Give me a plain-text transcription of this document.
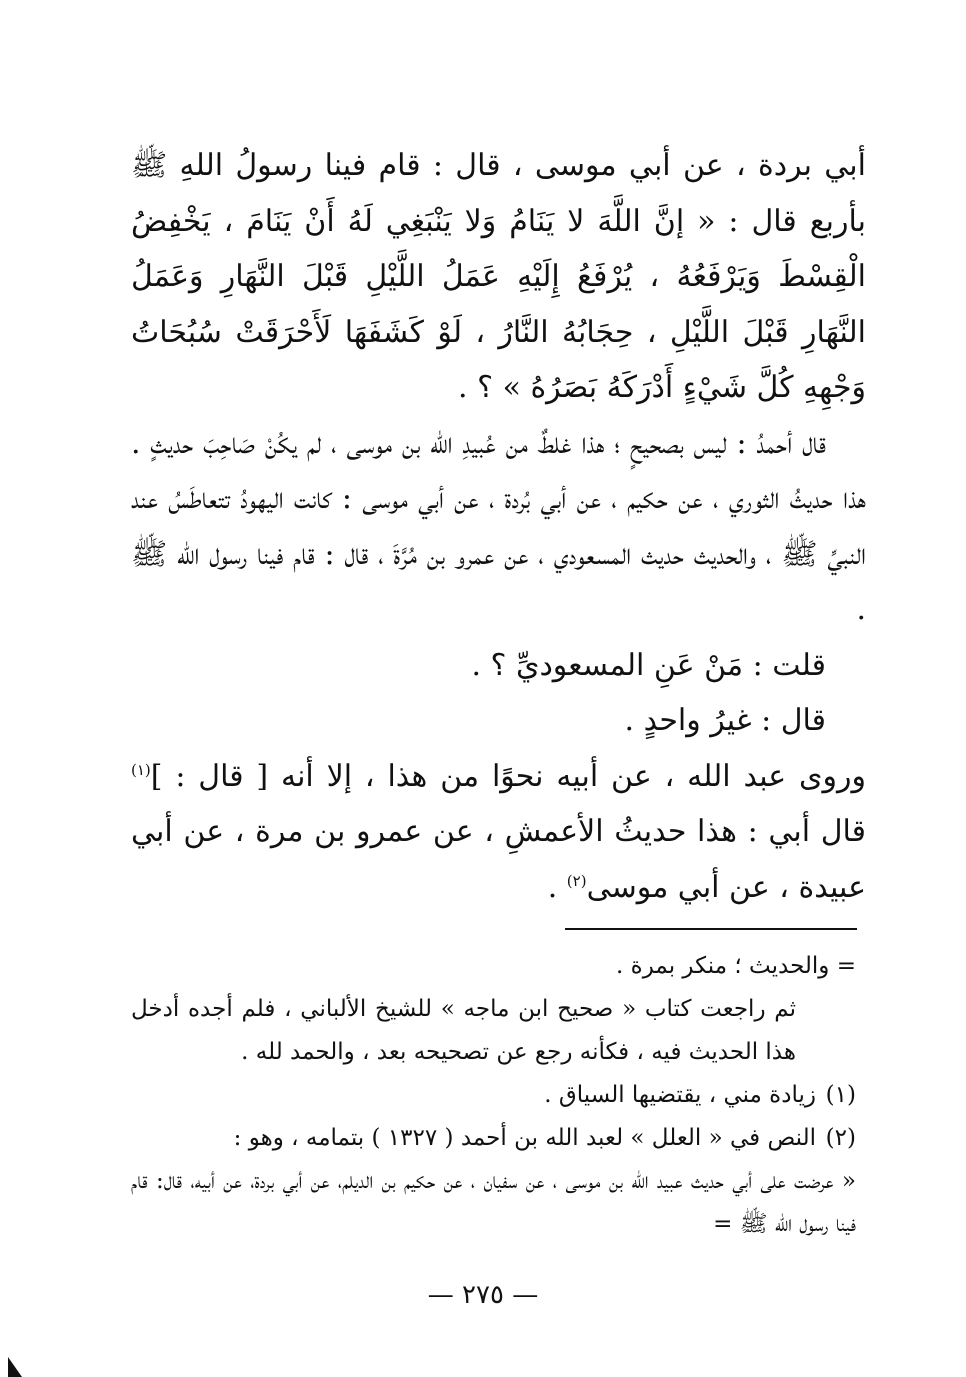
أبي بردة ، عن أبي موسى ، قال : قام فينا رسولُ اللهِ ﷺ بأربع قال : « إنَّ اللَّهَ لا يَنَامُ وَلا يَنْبَغِي لَهُ أَنْ يَنَامَ ، يَخْفِضُ الْقِسْطَ وَيَرْفَعُهُ ، يُرْفَعُ إِلَيْهِ عَمَلُ اللَّيْلِ قَبْلَ النَّهَارِ وَعَمَلُ النَّهَارِ قَبْلَ اللَّيْلِ ، حِجَابُهُ النَّارُ ، لَوْ كَشَفَهَا لَأَحْرَقَتْ سُبُحَاتُ وَجْهِهِ كُلَّ شَيْءٍ أَدْرَكَهُ بَصَرُهُ » ؟ .

قال أحمدُ : ليس بصحيحٍ ؛ هذا غلطٌ من عُبيدِ الله بن موسى ، لم يكُنْ صَاحِبَ حديثٍ . هذا حديثُ الثوري ، عن حكيم ، عن أبي بُردة ، عن أبي موسى : كانت اليهودُ تتعاطَسُ عند النبيِّ ﷺ ، والحديث حديث المسعودي ، عن عمرو بن مُرَّةَ ، قال : قام فينا رسول الله ﷺ .

قلت : مَنْ عَنِ المسعوديِّ ؟ .

قال : غيرُ واحدٍ .

وروى عبد الله ، عن أبيه نحوًا من هذا ، إلا أنه [ قال : ]$^{(١)}$ قال أبي : هذا حديثُ الأعمشِ ، عن عمرو بن مرة ، عن أبي عبيدة ، عن أبي موسى$^{(٢)}$ .

= والحديث ؛ منكر بمرة .

ثم راجعت كتاب « صحيح ابن ماجه » للشيخ الألباني ، فلم أجده أدخل هذا الحديث فيه ، فكأنه رجع عن تصحيحه بعد ، والحمد لله .

(١)زيادة مني ، يقتضيها السياق .

(٢)النص في « العلل » لعبد الله بن أحمد ( ١٣٢٧ ) بتمامه ، وهو :

« عرضت على أبي حديث عبيد الله بن موسى ، عن سفيان ، عن حكيم بن الديلم، عن أبي بردة، عن أبيه، قال: قام فينا رسول الله ﷺ =

— ٢٧٥ —
